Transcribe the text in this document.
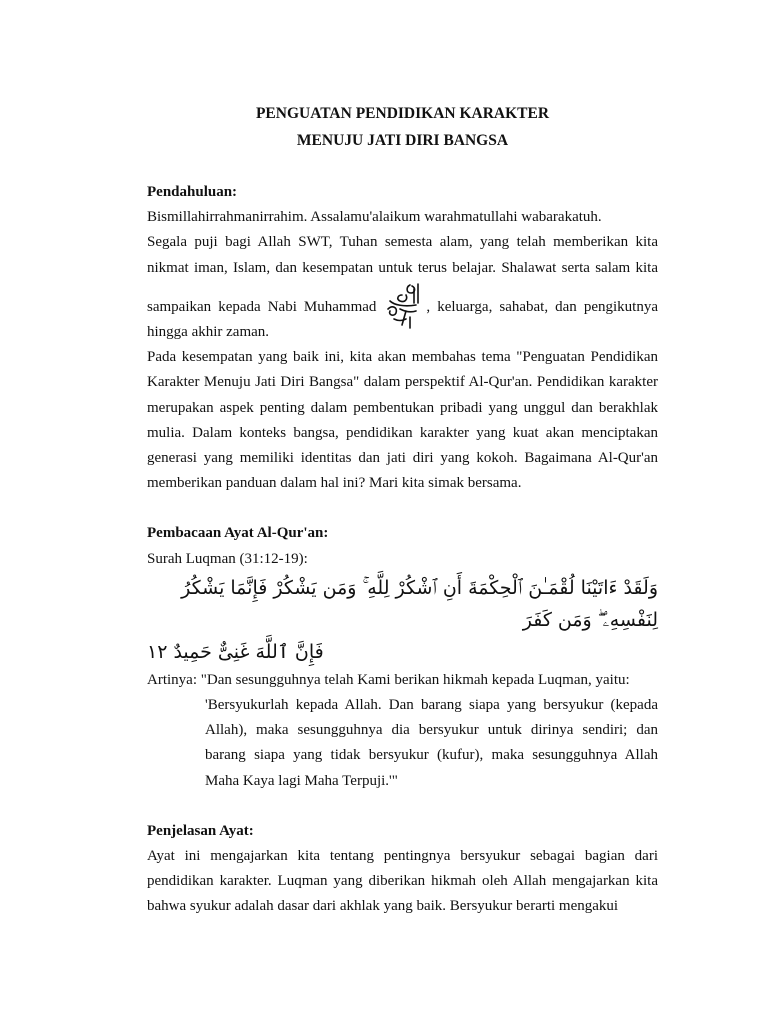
PENGUATAN PENDIDIKAN KARAKTER
MENUJU JATI DIRI BANGSA
Pendahuluan:
Bismillahirrahmanirrahim. Assalamu'alaikum warahmatullahi wabarakatuh.
Segala puji bagi Allah SWT, Tuhan semesta alam, yang telah memberikan kita nikmat iman, Islam, dan kesempatan untuk terus belajar. Shalawat serta salam kita sampaikan kepada Nabi Muhammad	, keluarga, sahabat, dan pengikutnya hingga akhir zaman.
Pada kesempatan yang baik ini, kita akan membahas tema "Penguatan Pendidikan Karakter Menuju Jati Diri Bangsa" dalam perspektif Al-Qur'an. Pendidikan karakter merupakan aspek penting dalam pembentukan pribadi yang unggul dan berakhlak mulia. Dalam konteks bangsa, pendidikan karakter yang kuat akan menciptakan generasi yang memiliki identitas dan jati diri yang kokoh. Bagaimana Al-Qur'an memberikan panduan dalam hal ini? Mari kita simak bersama.
Pembacaan Ayat Al-Qur'an:
Surah Luqman (31:12-19):
وَلَقَدْ ءَاتَيْنَا لُقْمَـٰنَ ٱلْحِكْمَةَ أَنِ ٱشْكُرْ لِلَّهِ ۚ وَمَن يَشْكُرْ فَإِنَّمَا يَشْكُرُ لِنَفْسِهِۦ ۖ وَمَن كَفَرَ
فَإِنَّ ٱللَّهَ غَنِىٌّ حَمِيدٌ ١٢
Artinya: "Dan sesungguhnya telah Kami berikan hikmah kepada Luqman, yaitu:
'Bersyukurlah kepada Allah. Dan barang siapa yang bersyukur (kepada Allah), maka sesungguhnya dia bersyukur untuk dirinya sendiri; dan barang siapa yang tidak bersyukur (kufur), maka sesungguhnya Allah Maha Kaya lagi Maha Terpuji.'"
Penjelasan Ayat:
Ayat ini mengajarkan kita tentang pentingnya bersyukur sebagai bagian dari pendidikan karakter. Luqman yang diberikan hikmah oleh Allah mengajarkan kita bahwa syukur adalah dasar dari akhlak yang baik. Bersyukur berarti mengakui
